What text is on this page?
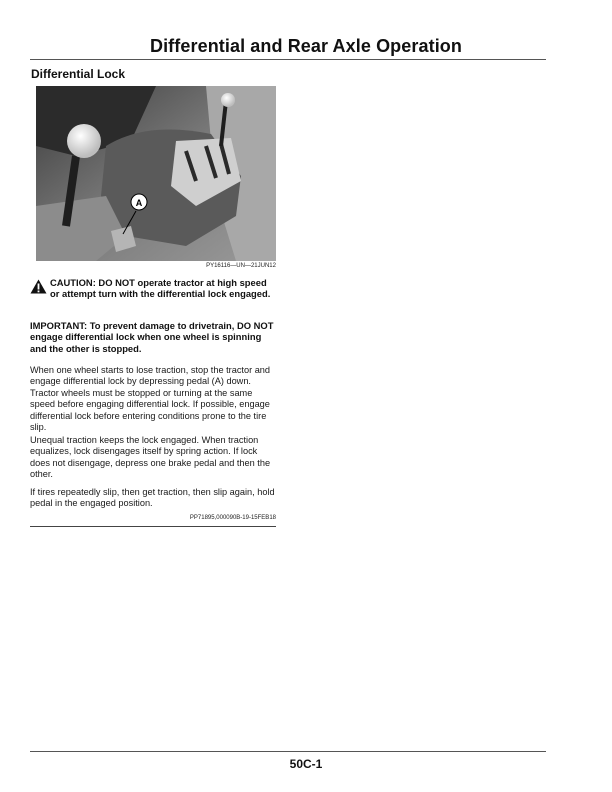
Differential and Rear Axle Operation
Differential Lock
A
PY16116—UN—21JUN12
CAUTION: DO NOT operate tractor at high speed or attempt turn with the differential lock engaged.
IMPORTANT: To prevent damage to drivetrain, DO NOT engage differential lock when one wheel is spinning and the other is stopped.
When one wheel starts to lose traction, stop the tractor and engage differential lock by depressing pedal (A) down. Tractor wheels must be stopped or turning at the same speed before engaging differential lock. If possible, engage differential lock before entering conditions prone to the tire slip.
Unequal traction keeps the lock engaged. When traction equalizes, lock disengages itself by spring action. If lock does not disengage, depress one brake pedal and then the other.
If tires repeatedly slip, then get traction, then slip again, hold pedal in the engaged position.
PP71895,000090B-19-15FEB18
50C-1
